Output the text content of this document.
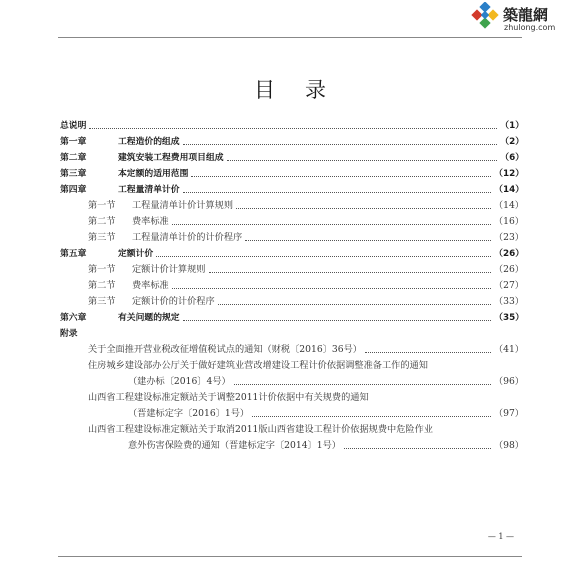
築龍網
zhulong.com
目录
总说明	（1）
第一章	工程造价的组成	（2）
第二章	建筑安装工程费用项目组成	（6）
第三章	本定额的适用范围	（12）
第四章	工程量清单计价	（14）
第一节 工程量清单计价计算规则	（14）
第二节 费率标准	（16）
第三节 工程量清单计价的计价程序	（23）
第五章	定额计价	（26）
第一节 定额计价计算规则	（26）
第二节 费率标准	（27）
第三节 定额计价的计价程序	（33）
第六章	有关问题的规定	（35）
附录
关于全面推开营业税改征增值税试点的通知（财税〔2016〕36号）	（41）
住房城乡建设部办公厅关于做好建筑业营改增建设工程计价依据调整准备工作的通知
（建办标〔2016〕4号）	（96）
山西省工程建设标准定额站关于调整2011计价依据中有关规费的通知
（晋建标定字〔2016〕1号）	（97）
山西省工程建设标准定额站关于取消2011版山西省建设工程计价依据规费中危险作业
意外伤害保险费的通知（晋建标定字〔2014〕1号）	（98）
— 1 —
